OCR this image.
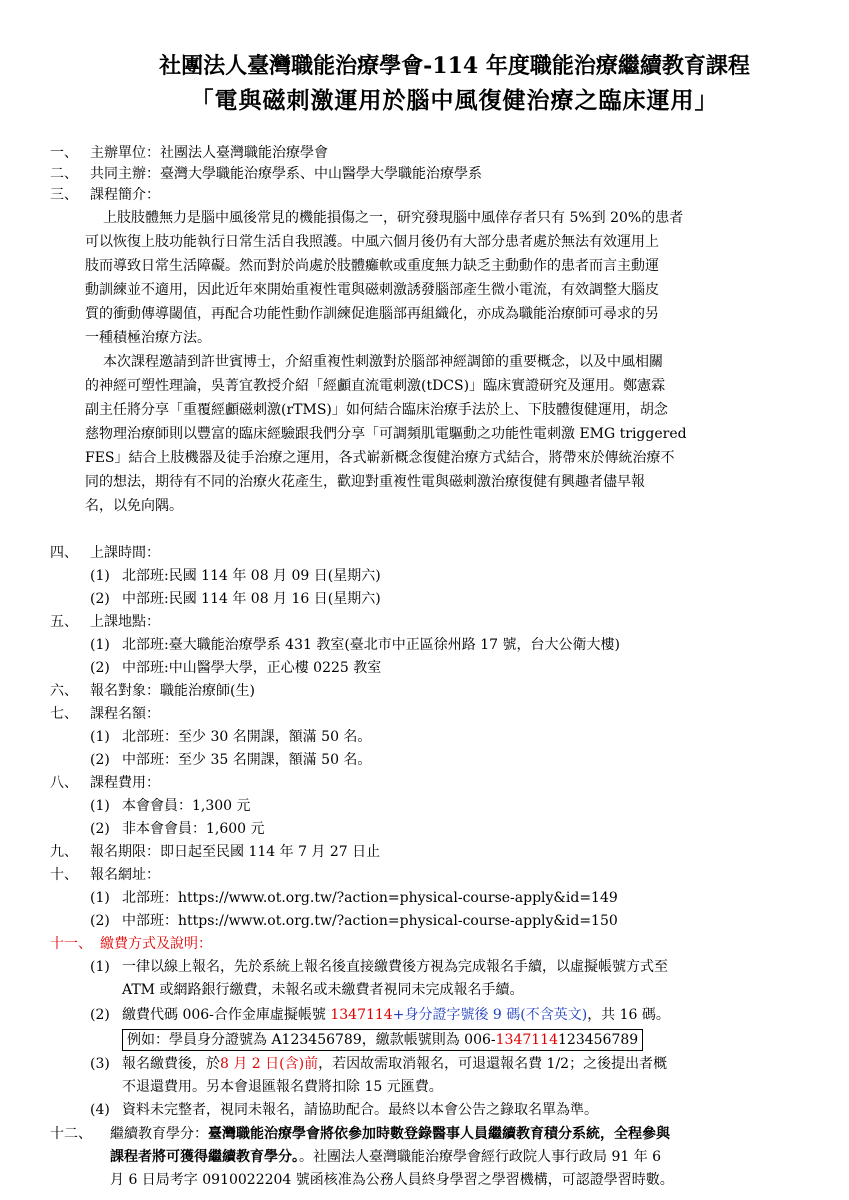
社團法人臺灣職能治療學會-114 年度職能治療繼續教育課程
「電與磁刺激運用於腦中風復健治療之臨床運用」
一、 主辦單位：社團法人臺灣職能治療學會
二、 共同主辦：臺灣大學職能治療學系、中山醫學大學職能治療學系
三、 課程簡介：
上肢肢體無力是腦中風後常見的機能損傷之一，研究發現腦中風倖存者只有 5%到 20%的患者
可以恢復上肢功能執行日常生活自我照護。中風六個月後仍有大部分患者處於無法有效運用上
肢而導致日常生活障礙。然而對於尚處於肢體癱軟或重度無力缺乏主動動作的患者而言主動運
動訓練並不適用，因此近年來開始重複性電與磁刺激誘發腦部產生微小電流，有效調整大腦皮
質的衝動傳導閾值，再配合功能性動作訓練促進腦部再組織化，亦成為職能治療師可尋求的另
一種積極治療方法。
本次課程邀請到許世賓博士，介紹重複性刺激對於腦部神經調節的重要概念，以及中風相關
的神經可塑性理論，吳菁宜教授介紹「經顱直流電刺激(tDCS)」臨床實證研究及運用。鄭憲霖
副主任將分享「重覆經顱磁刺激(rTMS)」如何結合臨床治療手法於上、下肢體復健運用，胡念
慈物理治療師則以豐富的臨床經驗跟我們分享「可調頻肌電驅動之功能性電刺激 EMG triggered
FES」結合上肢機器及徒手治療之運用，各式嶄新概念復健治療方式結合，將帶來於傳統治療不
同的想法，期待有不同的治療火花產生，歡迎對重複性電與磁刺激治療復健有興趣者儘早報
名，以免向隅。
四、 上課時間：
(1) 北部班:民國 114 年 08 月 09 日(星期六)
(2) 中部班:民國 114 年 08 月 16 日(星期六)
五、 上課地點：
(1) 北部班:臺大職能治療學系 431 教室(臺北市中正區徐州路 17 號，台大公衛大樓)
(2) 中部班:中山醫學大學，正心樓 0225 教室
六、 報名對象：職能治療師(生)
七、 課程名額：
(1) 北部班：至少 30 名開課，額滿 50 名。
(2) 中部班：至少 35 名開課，額滿 50 名。
八、 課程費用：
(1) 本會會員：1,300 元
(2) 非本會會員：1,600 元
九、 報名期限：即日起至民國 114 年 7 月 27 日止
十、 報名網址：
(1) 北部班：https://www.ot.org.tw/?action=physical-course-apply&id=149
(2) 中部班：https://www.ot.org.tw/?action=physical-course-apply&id=150
十一、 繳費方式及說明：
(1) 一律以線上報名，先於系統上報名後直接繳費後方視為完成報名手續，以虛擬帳號方式至
ATM 或網路銀行繳費，未報名或未繳費者視同未完成報名手續。
(2) 繳費代碼 006-合作金庫虛擬帳號 1347114+身分證字號後 9 碼(不含英文)，共 16 碼。
例如：學員身分證號為 A123456789，繳款帳號則為 006-1347114123456789
(3) 報名繳費後，於8 月 2 日(含)前，若因故需取消報名，可退還報名費 1/2；之後提出者概
不退還費用。另本會退匯報名費將扣除 15 元匯費。
(4) 資料未完整者，視同未報名，請協助配合。最終以本會公告之錄取名單為準。
十二、	繼續教育學分：臺灣職能治療學會將依參加時數登錄醫事人員繼續教育積分系統，全程參與
課程者將可獲得繼續教育學分。。社團法人臺灣職能治療學會經行政院人事行政局 91 年 6
月 6 日局考字 0910022204 號函核准為公務人員終身學習之學習機構，可認證學習時數。
